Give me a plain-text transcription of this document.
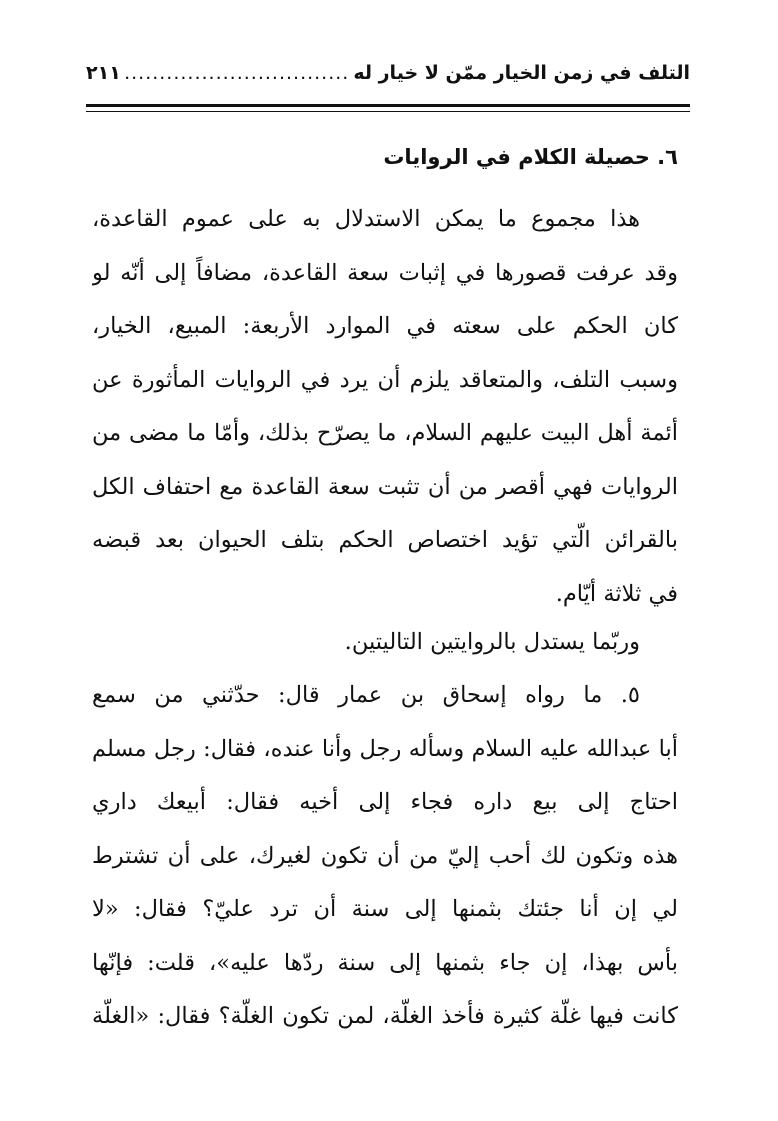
التلف في زمن الخيار ممّن لا خيار له
.....
٢١١
٦. حصيلة الكلام في الروايات
هذا مجموع ما يمكن الاستدلال به على عموم القاعدة،
وقد عرفت قصورها في إثبات سعة القاعدة، مضافاً إلى أنّه لو
كان الحكم على سعته في الموارد الأربعة: المبيع، الخيار،
وسبب التلف، والمتعاقد يلزم أن يرد في الروايات المأثورة عن
أئمة أهل البيت عليهم السلام، ما يصرّح بذلك، وأمّا ما مضى من
الروايات فهي أقصر من أن تثبت سعة القاعدة مع احتفاف الكل
بالقرائن الّتي تؤيد اختصاص الحكم بتلف الحيوان بعد قبضه
في ثلاثة أيّام.
وربّما يستدل بالروايتين التاليتين.
٥. ما رواه إسحاق بن عمار قال: حدّثني من سمع
أبا عبدالله عليه السلام وسأله رجل وأنا عنده، فقال: رجل مسلم
احتاج إلى بيع داره فجاء إلى أخيه فقال: أبيعك داري
هذه وتكون لك أحب إليّ من أن تكون لغيرك، على أن تشترط
لي إن أنا جئتك بثمنها إلى سنة أن ترد عليّ؟ فقال: «لا
بأس بهذا، إن جاء بثمنها إلى سنة ردّها عليه»، قلت: فإنّها
كانت فيها غلّة كثيرة فأخذ الغلّة، لمن تكون الغلّة؟ فقال: «الغلّة
